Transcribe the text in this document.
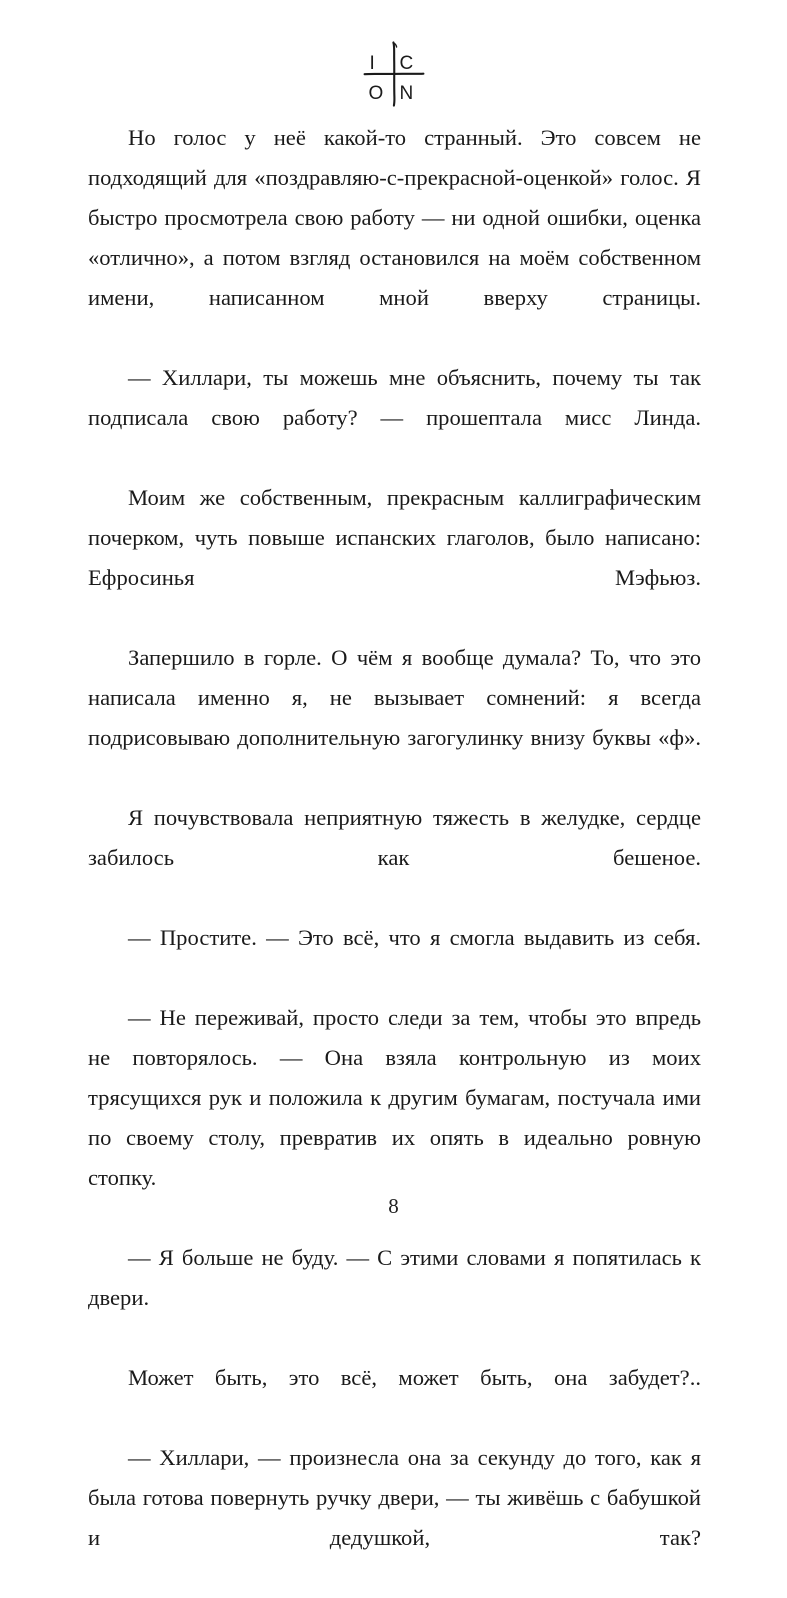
I C
O N

Но голос у неё какой-то странный. Это совсем не подходящий для «поздравляю-с-прекрасной-оценкой» голос. Я быстро просмотрела свою работу — ни одной ошибки, оценка «отлично», а потом взгляд остановился на моём собственном имени, написанном мной вверху страницы.

— Хиллари, ты можешь мне объяснить, почему ты так подписала свою работу? — прошептала мисс Линда.

Моим же собственным, прекрасным каллиграфическим почерком, чуть повыше испанских глаголов, было написано: Ефросинья Мэфьюз.

Запершило в горле. О чём я вообще думала? То, что это написала именно я, не вызывает сомнений: я всегда подрисовываю дополнительную загогулинку внизу буквы «ф».

Я почувствовала неприятную тяжесть в желудке, сердце забилось как бешеное.

— Простите. — Это всё, что я смогла выдавить из себя.

— Не переживай, просто следи за тем, чтобы это впредь не повторялось. — Она взяла контрольную из моих трясущихся рук и положила к другим бумагам, постучала ими по своему столу, превратив их опять в идеально ровную стопку.

— Я больше не буду. — С этими словами я попятилась к двери.

Может быть, это всё, может быть, она забудет?..

— Хиллари, — произнесла она за секунду до того, как я была готова повернуть ручку двери, — ты живёшь с бабушкой и дедушкой, так?

8
